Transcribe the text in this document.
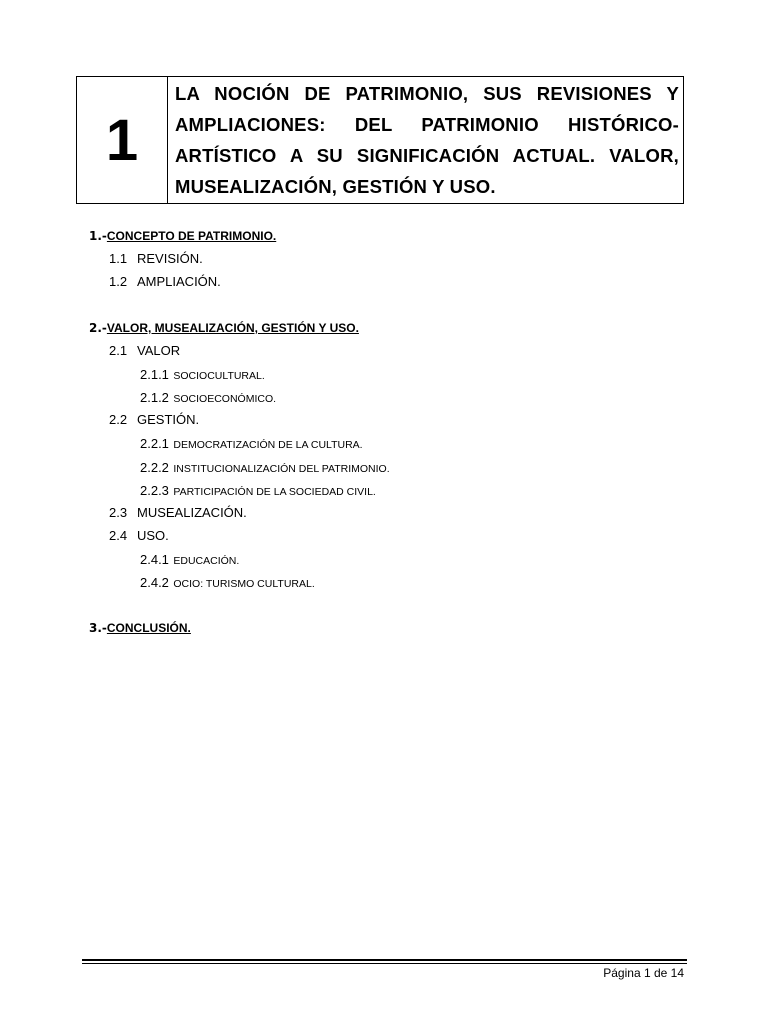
1
LA NOCIÓN DE PATRIMONIO, SUS REVISIONES Y AMPLIACIONES: DEL PATRIMONIO HISTÓRICO-ARTÍSTICO A SU SIGNIFICACIÓN ACTUAL. VALOR, MUSEALIZACIÓN, GESTIÓN Y USO.
1.-CONCEPTO DE PATRIMONIO.
1.1 REVISIÓN.
1.2 AMPLIACIÓN.
2.-VALOR, MUSEALIZACIÓN, GESTIÓN Y USO.
2.1 VALOR
2.1.1 SOCIOCULTURAL.
2.1.2 SOCIOECONÓMICO.
2.2 GESTIÓN.
2.2.1 DEMOCRATIZACIÓN DE LA CULTURA.
2.2.2 INSTITUCIONALIZACIÓN DEL PATRIMONIO.
2.2.3 PARTICIPACIÓN DE LA SOCIEDAD CIVIL.
2.3 MUSEALIZACIÓN.
2.4 USO.
2.4.1 EDUCACIÓN.
2.4.2 OCIO: TURISMO CULTURAL.
3.-CONCLUSIÓN.
Página 1 de 14
